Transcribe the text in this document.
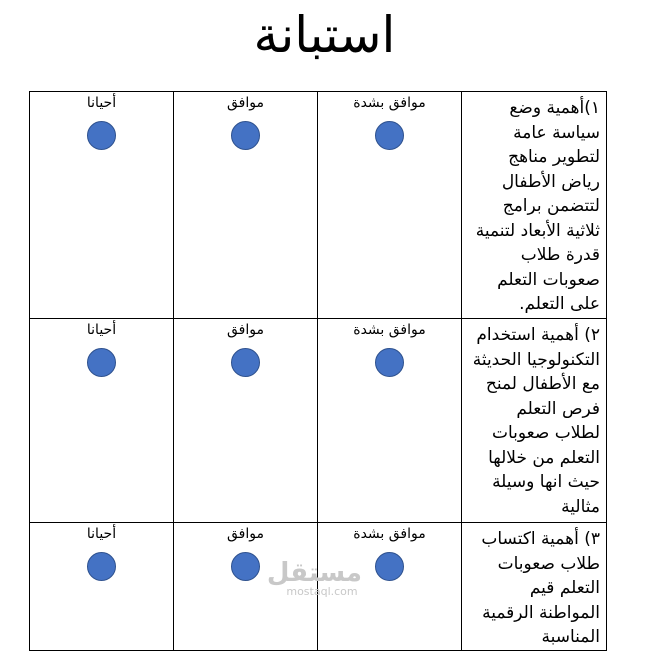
استبانة
أحيانا	موافق	موافق بشدة	١)أهمية وضع سياسة عامة لتطوير مناهج رياض الأطفال لتتضمن برامج ثلاثية الأبعاد لتنمية قدرة طلاب صعوبات التعلم على التعلم.

أحيانا	موافق	موافق بشدة	٢) أهمية استخدام التكنولوجيا الحديثة مع الأطفال لمنح فرص التعلم لطلاب صعوبات التعلم من خلالها حيث انها وسيلة مثالية

أحيانا	موافق	موافق بشدة	٣) أهمية اكتساب طلاب صعوبات التعلم قيم المواطنة الرقمية المناسبة
مستقل
mostaql.com
